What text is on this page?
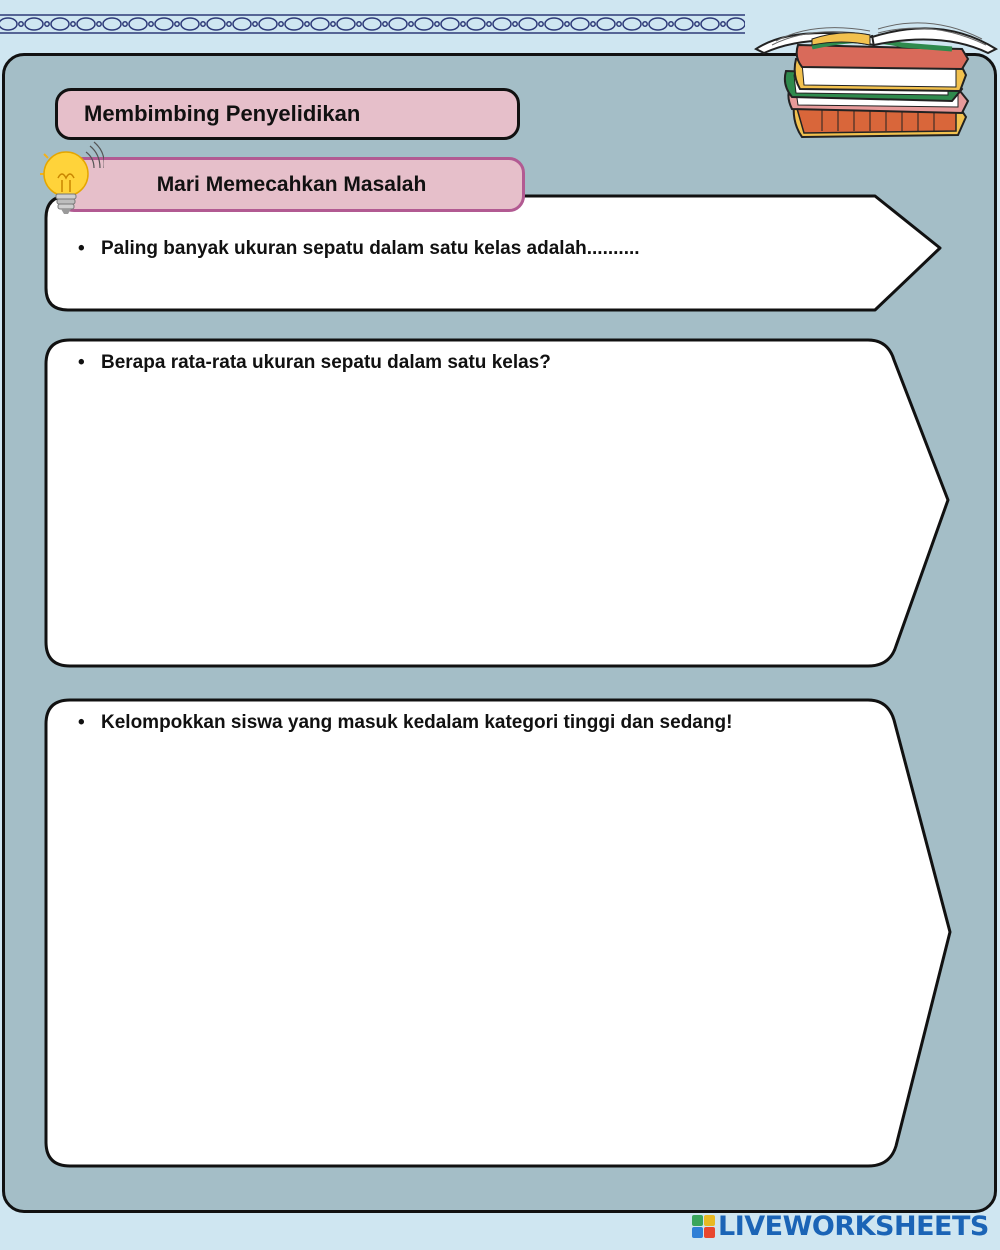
Membimbing Penyelidikan
Mari Memecahkan Masalah
• Paling banyak ukuran sepatu dalam satu kelas adalah..........
• Berapa rata-rata ukuran sepatu dalam satu kelas?
• Kelompokkan siswa yang masuk kedalam kategori tinggi dan sedang!
LIVEWORKSHEETS
